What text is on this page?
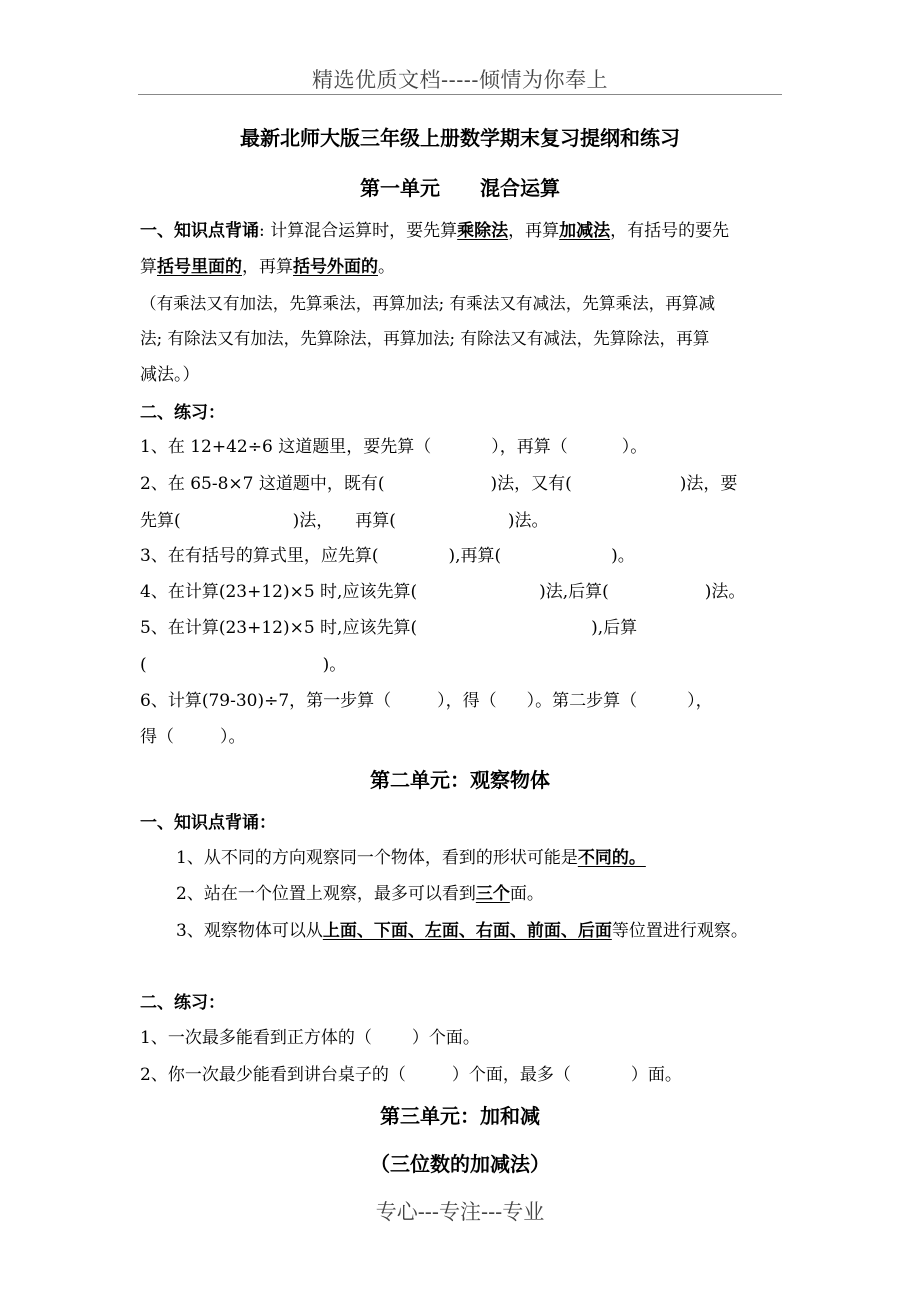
精选优质文档-----倾情为你奉上
最新北师大版三年级上册数学期末复习提纲和练习
第一单元　　混合运算
一、知识点背诵: 计算混合运算时，要先算乘除法，再算加减法，有括号的要先
算括号里面的，再算括号外面的。
（有乘法又有加法，先算乘法，再算加法; 有乘法又有减法，先算乘法，再算减
法; 有除法又有加法，先算除法，再算加法; 有除法又有减法，先算除法，再算
减法。）
二、练习：
1、在 12+42÷6 这道题里，要先算（	），再算（	）。
2、在 65-8×7 这道题中，既有(	)法，又有(	)法，要
先算(	)法， 再算(	)法。
3、在有括号的算式里，应先算(	),再算(	)。
4、在计算(23+12)×5 时,应该先算(	)法,后算(	)法。
5、在计算(23+12)×5 时,应该先算(	),后算
(	)。
6、计算(79-30)÷7，第一步算（	），得（ ）。第二步算（	），
得（	）。
第二单元：观察物体
一、知识点背诵：
1、从不同的方向观察同一个物体，看到的形状可能是不同的。
2、站在一个位置上观察，最多可以看到三个面。
3、观察物体可以从上面、下面、左面、右面、前面、后面等位置进行观察。
二、练习：
1、一次最多能看到正方体的（ ）个面。
2、你一次最少能看到讲台桌子的（	）个面，最多（	）面。
第三单元：加和减
（三位数的加减法）
专心---专注---专业
